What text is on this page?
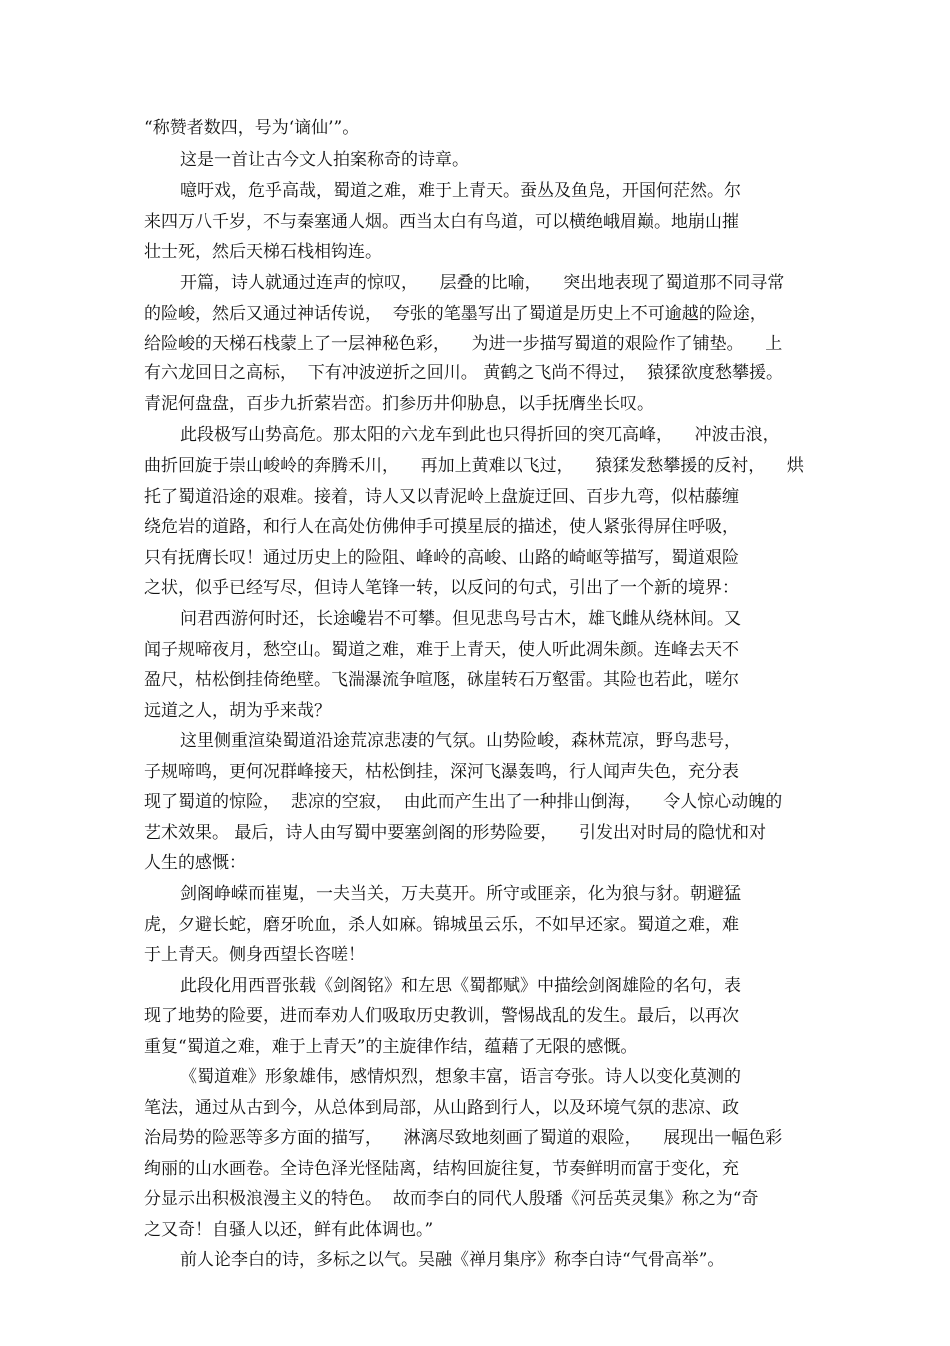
“称赞者数四，号为‘谪仙’”。

这是一首让古今文人拍案称奇的诗章。

噫吁戏，危乎高哉，蜀道之难，难于上青天。蚕丛及鱼凫，开国何茫然。尔

来四万八千岁，不与秦塞通人烟。西当太白有鸟道，可以横绝峨眉巅。地崩山摧

壮士死，然后天梯石栈相钩连。

开篇，诗人就通过连声的惊叹，    层叠的比喻，    突出地表现了蜀道那不同寻常

的险峻，然后又通过神话传说，  夸张的笔墨写出了蜀道是历史上不可逾越的险途，

给险峻的天梯石栈蒙上了一层神秘色彩，    为进一步描写蜀道的艰险作了铺垫。    上

有六龙回日之高标，  下有冲波逆折之回川。 黄鹤之飞尚不得过，  猿猱欲度愁攀援。

青泥何盘盘，百步九折萦岩峦。扪参历井仰胁息，以手抚膺坐长叹。

此段极写山势高危。那太阳的六龙车到此也只得折回的突兀高峰，    冲波击浪，

曲折回旋于崇山峻岭的奔腾禾川，    再加上黄难以飞过，    猿猱发愁攀援的反衬，    烘

托了蜀道沿途的艰难。接着，诗人又以青泥岭上盘旋迂回、百步九弯，似枯藤缠

绕危岩的道路，和行人在高处仿佛伸手可摸星辰的描述，使人紧张得屏住呼吸，

只有抚膺长叹！通过历史上的险阻、峰岭的高峻、山路的崎岖等描写，蜀道艰险

之状，似乎已经写尽，但诗人笔锋一转，以反问的句式，引出了一个新的境界：

问君西游何时还，长途巉岩不可攀。但见悲鸟号古木，雄飞雌从绕林间。又

闻子规啼夜月，愁空山。蜀道之难，难于上青天，使人听此凋朱颜。连峰去天不

盈尺，枯松倒挂倚绝壁。飞湍瀑流争喧豗，砯崖转石万壑雷。其险也若此，嗟尔

远道之人，胡为乎来哉？

这里侧重渲染蜀道沿途荒凉悲凄的气氛。山势险峻，森林荒凉，野鸟悲号，

子规啼鸣，更何况群峰接天，枯松倒挂，深河飞瀑轰鸣，行人闻声失色，充分表

现了蜀道的惊险，  悲凉的空寂，  由此而产生出了一种排山倒海，    令人惊心动魄的

艺术效果。 最后，诗人由写蜀中要塞剑阁的形势险要，    引发出对时局的隐忧和对

人生的感慨：

剑阁峥嵘而崔嵬，一夫当关，万夫莫开。所守或匪亲，化为狼与豺。朝避猛

虎，夕避长蛇，磨牙吮血，杀人如麻。锦城虽云乐，不如早还家。蜀道之难，难

于上青天。侧身西望长咨嗟！

此段化用西晋张载《剑阁铭》和左思《蜀都赋》中描绘剑阁雄险的名句，表

现了地势的险要，进而奉劝人们吸取历史教训，警惕战乱的发生。最后，以再次

重复“蜀道之难，难于上青天”的主旋律作结，蕴藉了无限的感慨。

《蜀道难》形象雄伟，感情炽烈，想象丰富，语言夸张。诗人以变化莫测的

笔法，通过从古到今，从总体到局部，从山路到行人，以及环境气氛的悲凉、政

治局势的险恶等多方面的描写，    淋漓尽致地刻画了蜀道的艰险，    展现出一幅色彩

绚丽的山水画卷。全诗色泽光怪陆离，结构回旋往复，节奏鲜明而富于变化，充

分显示出积极浪漫主义的特色。  故而李白的同代人殷璠《河岳英灵集》称之为“奇

之又奇！自骚人以还，鲜有此体调也。”

前人论李白的诗，多标之以气。吴融《禅月集序》称李白诗“气骨高举”。
